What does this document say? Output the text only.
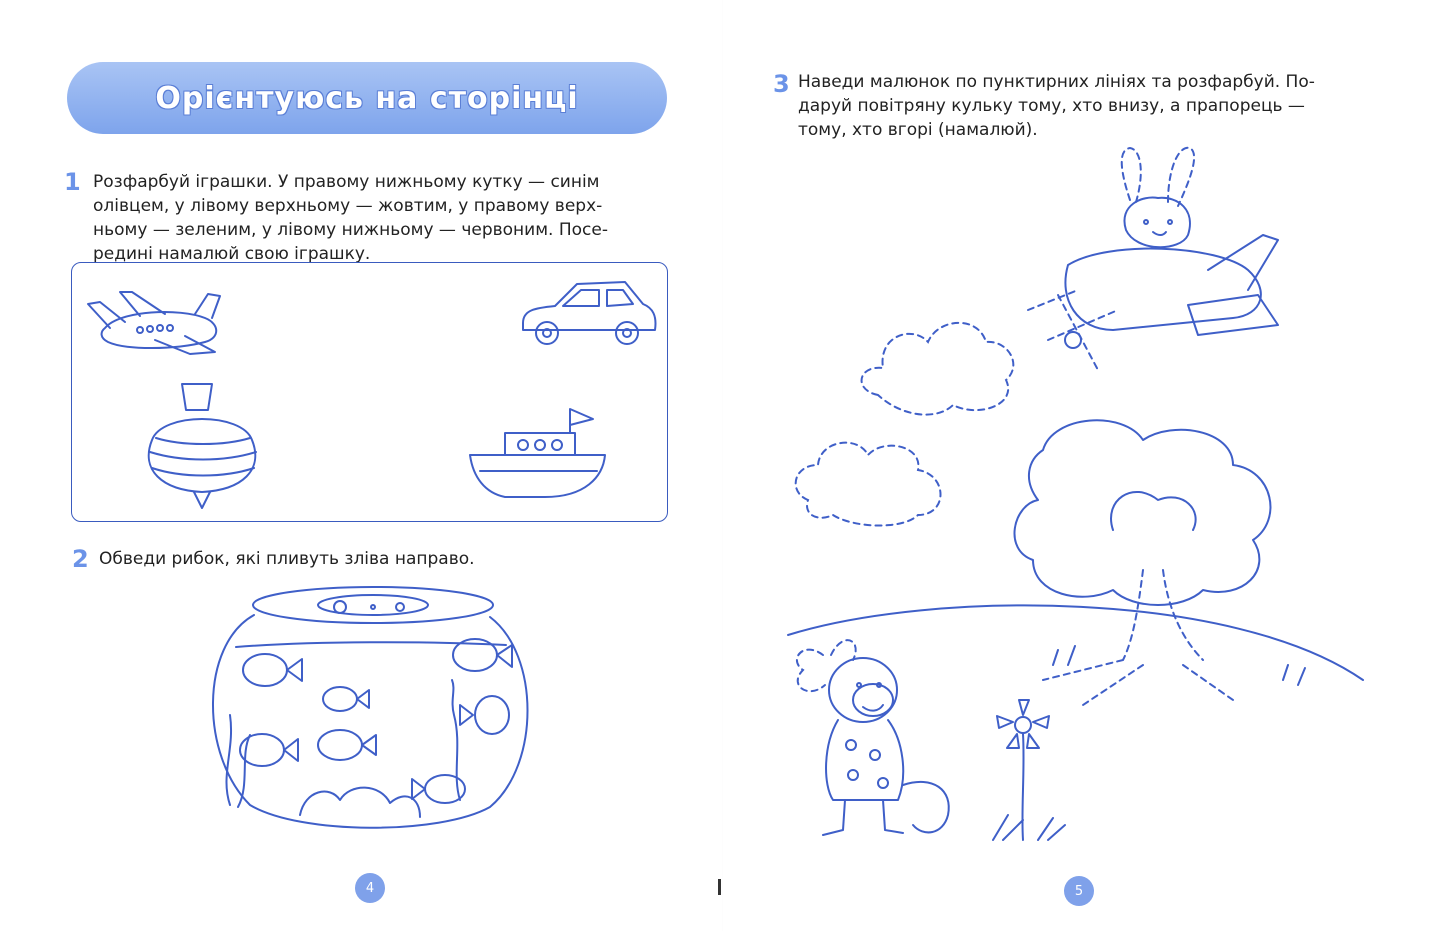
Орієнтуюсь на сторінці
1 Розфарбуй іграшки. У правому нижньому кутку — синім
олівцем, у лівому верхньому — жовтим, у правому верх-
ньому — зеленим, у лівому нижньому — червоним. Посе-
редині намалюй свою іграшку.
2 Обведи рибок, які пливуть зліва направо.
4
3 Наведи малюнок по пунктирних лініях та розфарбуй. По-
даруй повітряну кульку тому, хто внизу, а прапорець —
тому, хто вгорі (намалюй).
5
